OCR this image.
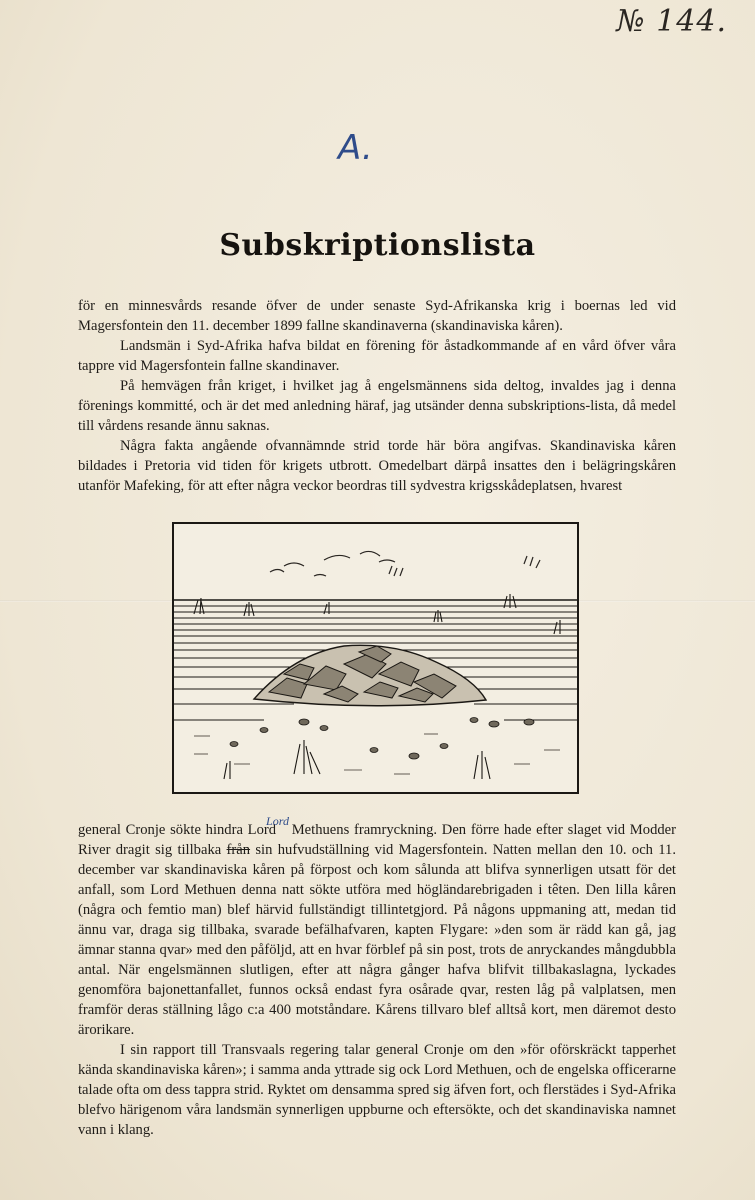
№ 144.
A.
Subskriptionslista

för en minnesvårds resande öfver de under senaste Syd-Afrikanska krig i boernas led vid Magersfontein den 11. december 1899 fallne skandinaverna (skandinaviska kåren).

Landsmän i Syd-Afrika hafva bildat en förening för åstadkommande af en vård öfver våra tappre vid Magersfontein fallne skandinaver.

På hemvägen från kriget, i hvilket jag å engelsmännens sida deltog, invaldes jag i denna förenings kommitté, och är det med anledning häraf, jag utsänder denna subskriptions-lista, då medel till vårdens resande ännu saknas.

Några fakta angående ofvannämnde strid torde här böra angifvas. Skandinaviska kåren bildades i Pretoria vid tiden för krigets utbrott. Omedelbart därpå insattes den i belägringskåren utanför Mafeking, för att efter några veckor beordras till sydvestra krigsskådeplatsen, hvarest

general Cronje sökte hindra Lord$^{Lord}$ Methuens framryckning. Den förre hade efter slaget vid Modder River dragit sig tillbaka från sin hufvudställning vid Magersfontein. Natten mellan den 10. och 11. december var skandinaviska kåren på förpost och kom sålunda att blifva synnerligen utsatt för det anfall, som Lord Methuen denna natt sökte utföra med högländarebrigaden i têten. Den lilla kåren (några och femtio man) blef härvid fullständigt tillintetgjord. På någons uppmaning att, medan tid ännu var, draga sig tillbaka, svarade befälhafvaren, kapten Flygare: »den som är rädd kan gå, jag ämnar stanna qvar» med den påföljd, att en hvar förblef på sin post, trots de anryckandes mångdubbla antal. När engelsmännen slutligen, efter att några gånger hafva blifvit tillbakaslagna, lyckades genomföra bajonettanfallet, funnos också endast fyra osårade qvar, resten låg på valplatsen, men framför deras ställning lågo c:a 400 motståndare. Kårens tillvaro blef alltså kort, men däremot desto ärorikare.

I sin rapport till Transvaals regering talar general Cronje om den »för oförskräckt tapperhet kända skandinaviska kåren»; i samma anda yttrade sig ock Lord Methuen, och de engelska officerarne talade ofta om dess tappra strid. Ryktet om densamma spred sig äfven fort, och flerstädes i Syd-Afrika blefvo härigenom våra landsmän synnerligen uppburne och eftersökte, och det skandinaviska namnet vann i klang.
